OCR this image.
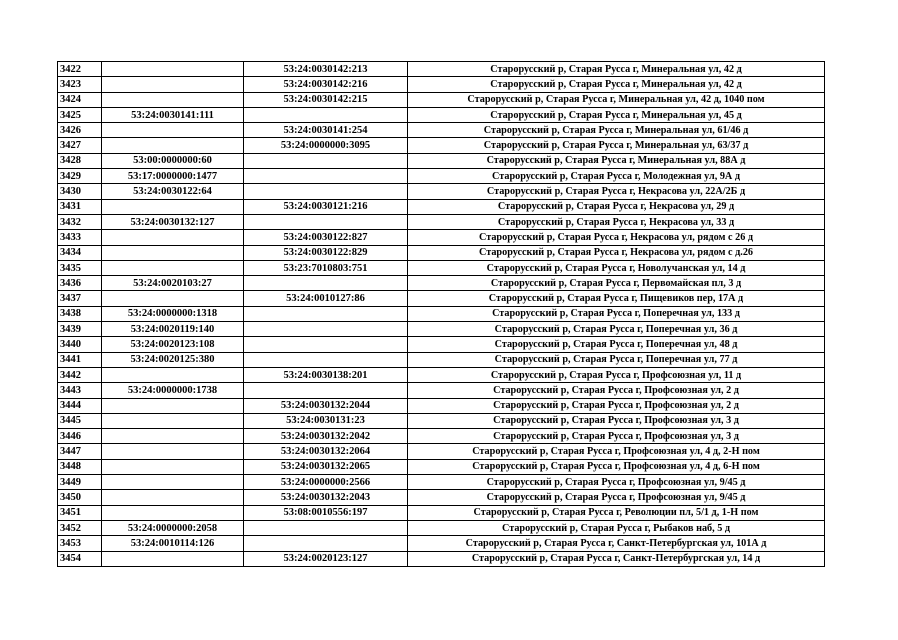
3422		53:24:0030142:213	Старорусский р, Старая Русса г, Минеральная ул, 42 д
3423		53:24:0030142:216	Старорусский р, Старая Русса г, Минеральная ул, 42 д
3424		53:24:0030142:215	Старорусский р, Старая Русса г, Минеральная ул, 42 д, 1040 пом
3425	53:24:0030141:111		Старорусский р, Старая Русса г, Минеральная ул, 45 д
3426		53:24:0030141:254	Старорусский р, Старая Русса г, Минеральная ул, 61/46 д
3427		53:24:0000000:3095	Старорусский р, Старая Русса г, Минеральная ул, 63/37 д
3428	53:00:0000000:60		Старорусский р, Старая Русса г, Минеральная ул, 88А д
3429	53:17:0000000:1477		Старорусский р, Старая Русса г, Молодежная ул, 9А д
3430	53:24:0030122:64		Старорусский р, Старая Русса г, Некрасова ул, 22А/2Б д
3431		53:24:0030121:216	Старорусский р, Старая Русса г, Некрасова ул, 29 д
3432	53:24:0030132:127		Старорусский р, Старая Русса г, Некрасова ул, 33 д
3433		53:24:0030122:827	Старорусский р, Старая Русса г, Некрасова ул, рядом с 26 д
3434		53:24:0030122:829	Старорусский р, Старая Русса г, Некрасова ул, рядом с д.26
3435		53:23:7010803:751	Старорусский р, Старая Русса г, Новолучанская ул, 14 д
3436	53:24:0020103:27		Старорусский р, Старая Русса г, Первомайская пл, 3 д
3437		53:24:0010127:86	Старорусский р, Старая Русса г, Пищевиков пер, 17А д
3438	53:24:0000000:1318		Старорусский р, Старая Русса г, Поперечная ул, 133 д
3439	53:24:0020119:140		Старорусский р, Старая Русса г, Поперечная ул, 36 д
3440	53:24:0020123:108		Старорусский р, Старая Русса г, Поперечная ул, 48 д
3441	53:24:0020125:380		Старорусский р, Старая Русса г, Поперечная ул, 77 д
3442		53:24:0030138:201	Старорусский р, Старая Русса г, Профсоюзная ул, 11 д
3443	53:24:0000000:1738		Старорусский р, Старая Русса г, Профсоюзная ул, 2 д
3444		53:24:0030132:2044	Старорусский р, Старая Русса г, Профсоюзная ул, 2 д
3445		53:24:0030131:23	Старорусский р, Старая Русса г, Профсоюзная ул, 3 д
3446		53:24:0030132:2042	Старорусский р, Старая Русса г, Профсоюзная ул, 3 д
3447		53:24:0030132:2064	Старорусский р, Старая Русса г, Профсоюзная ул, 4 д, 2-Н пом
3448		53:24:0030132:2065	Старорусский р, Старая Русса г, Профсоюзная ул, 4 д, 6-Н пом
3449		53:24:0000000:2566	Старорусский р, Старая Русса г, Профсоюзная ул, 9/45 д
3450		53:24:0030132:2043	Старорусский р, Старая Русса г, Профсоюзная ул, 9/45 д
3451		53:08:0010556:197	Старорусский р, Старая Русса г, Революции пл, 5/1 д, 1-Н пом
3452	53:24:0000000:2058		Старорусский р, Старая Русса г, Рыбаков наб, 5 д
3453	53:24:0010114:126		Старорусский р, Старая Русса г, Санкт-Петербургская ул, 101А д
3454		53:24:0020123:127	Старорусский р, Старая Русса г, Санкт-Петербургская ул, 14 д
